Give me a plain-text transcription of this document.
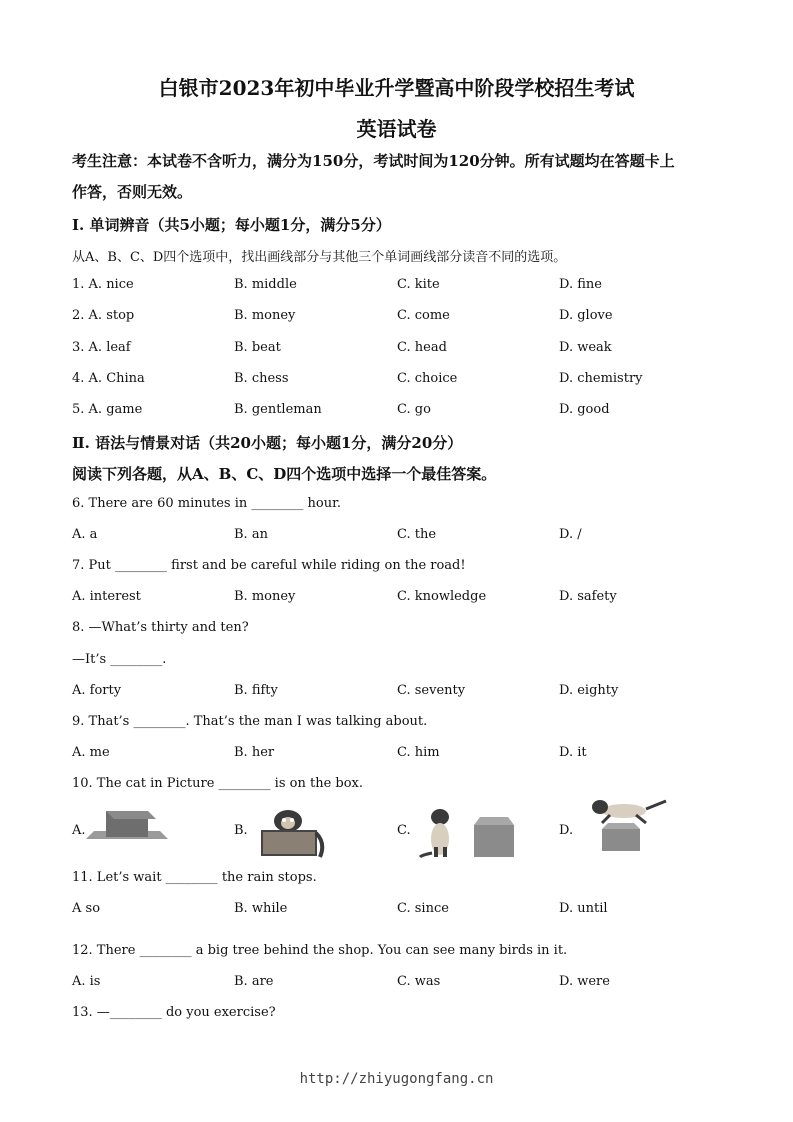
白银市2023年初中毕业升学暨高中阶段学校招生考试
英语试卷
考生注意：本试卷不含听力，满分为150分，考试时间为120分钟。所有试题均在答题卡上
作答，否则无效。
Ⅰ. 单词辨音（共5小题；每小题1分，满分5分）
从A、B、C、D四个选项中，找出画线部分与其他三个单词画线部分读音不同的选项。
1. A. nice	B. middle	C. kite	D. fine
2. A. stop	B. money	C. come	D. glove
3. A. leaf	B. beat	C. head	D. weak
4. A. China	B. chess	C. choice	D. chemistry
5. A. game	B. gentleman	C. go	D. good
Ⅱ. 语法与情景对话（共20小题；每小题1分，满分20分）
阅读下列各题，从A、B、C、D四个选项中选择一个最佳答案。
6. There are 60 minutes in ________ hour.
A. a	B. an	C. the	D. /
7. Put ________ first and be careful while riding on the road!
A. interest	B. money	C. knowledge	D. safety
8. —What’s thirty and ten?
—It’s ________.
A. forty	B. fifty	C. seventy	D. eighty
9. That’s ________. That’s the man I was talking about.
A. me	B. her	C. him	D. it
10. The cat in Picture ________ is on the box.
A.	B.	C.	D.
11. Let’s wait ________ the rain stops.
A so	B. while	C. since	D. until
12. There ________ a big tree behind the shop. You can see many birds in it.
A. is	B. are	C. was	D. were
13. —________ do you exercise?
http://zhiyugongfang.cn
